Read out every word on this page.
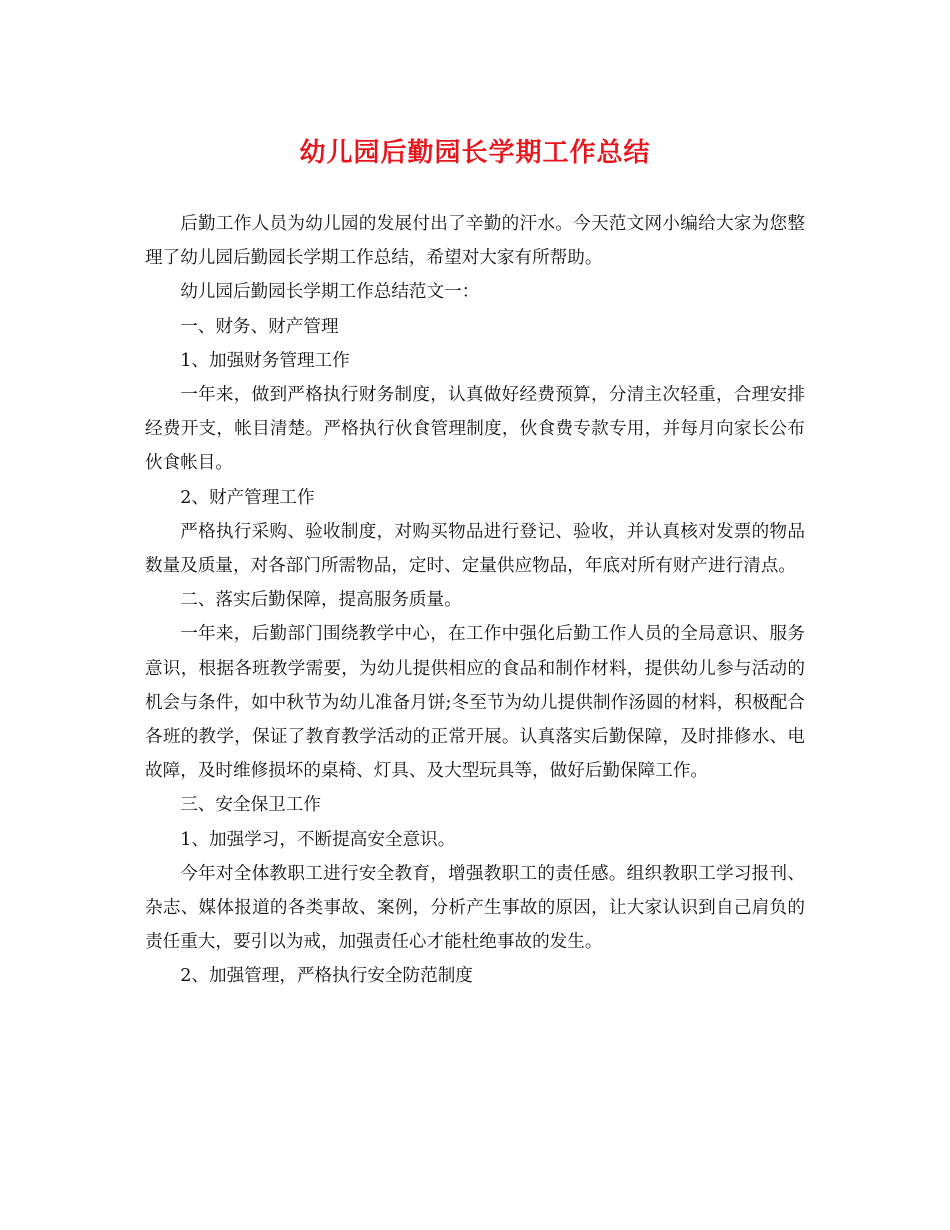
幼儿园后勤园长学期工作总结

后勤工作人员为幼儿园的发展付出了辛勤的汗水。今天范文网小编给大家为您整理了幼儿园后勤园长学期工作总结，希望对大家有所帮助。

幼儿园后勤园长学期工作总结范文一：

一、财务、财产管理

1、加强财务管理工作

一年来，做到严格执行财务制度，认真做好经费预算，分清主次轻重，合理安排经费开支，帐目清楚。严格执行伙食管理制度，伙食费专款专用，并每月向家长公布伙食帐目。

2、财产管理工作

严格执行采购、验收制度，对购买物品进行登记、验收，并认真核对发票的物品数量及质量，对各部门所需物品，定时、定量供应物品，年底对所有财产进行清点。

二、落实后勤保障，提高服务质量。

一年来，后勤部门围绕教学中心，在工作中强化后勤工作人员的全局意识、服务意识，根据各班教学需要，为幼儿提供相应的食品和制作材料，提供幼儿参与活动的机会与条件，如中秋节为幼儿准备月饼;冬至节为幼儿提供制作汤圆的材料，积极配合各班的教学，保证了教育教学活动的正常开展。认真落实后勤保障，及时排修水、电故障，及时维修损坏的桌椅、灯具、及大型玩具等，做好后勤保障工作。

三、安全保卫工作

1、加强学习，不断提高安全意识。

今年对全体教职工进行安全教育，增强教职工的责任感。组织教职工学习报刊、杂志、媒体报道的各类事故、案例，分析产生事故的原因，让大家认识到自己肩负的责任重大，要引以为戒，加强责任心才能杜绝事故的发生。

2、加强管理，严格执行安全防范制度
